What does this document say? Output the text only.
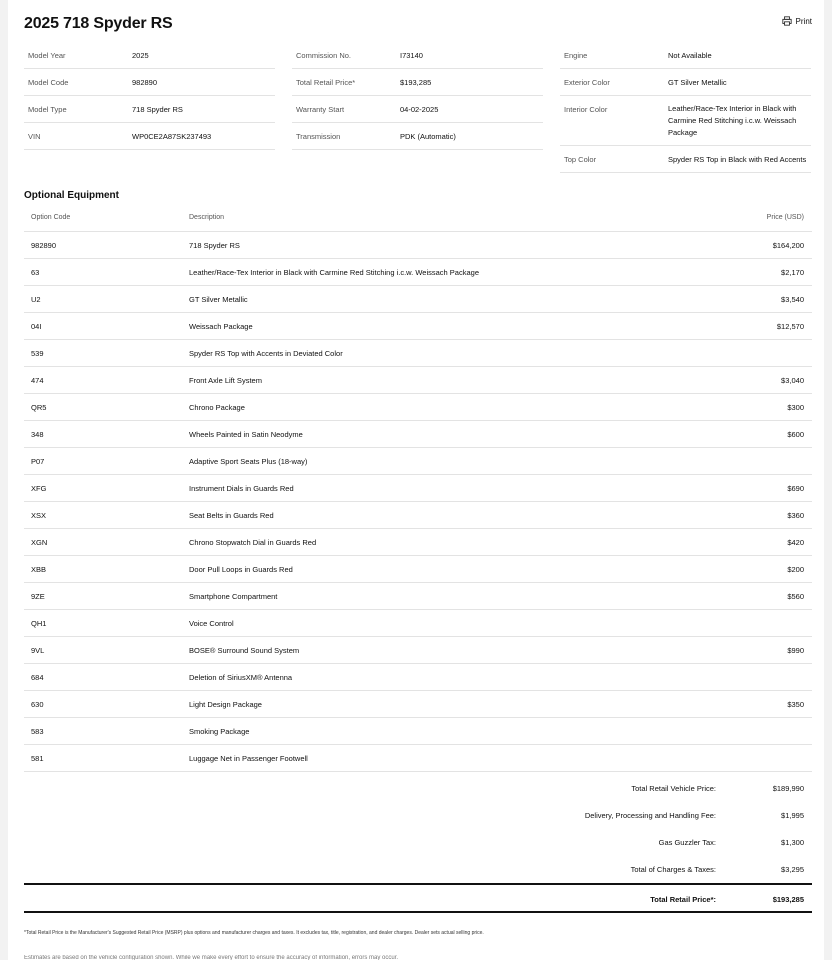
2025 718 Spyder RS	Print
Model Year	2025
Model Code	982890
Model Type	718 Spyder RS
VIN	WP0CE2A87SK237493
Commission No.	I73140
Total Retail Price*	$193,285
Warranty Start	04-02-2025
Transmission	PDK (Automatic)
Engine	Not Available
Exterior Color	GT Silver Metallic
Interior Color	Leather/Race-Tex Interior in Black with Carmine Red Stitching i.c.w. Weissach Package
Top Color	Spyder RS Top in Black with Red Accents
Optional Equipment
Option Code	Description	Price (USD)
982890	718 Spyder RS	$164,200
63	Leather/Race-Tex Interior in Black with Carmine Red Stitching i.c.w. Weissach Package	$2,170
U2	GT Silver Metallic	$3,540
04I	Weissach Package	$12,570
539	Spyder RS Top with Accents in Deviated Color
474	Front Axle Lift System	$3,040
QR5	Chrono Package	$300
348	Wheels Painted in Satin Neodyme	$600
P07	Adaptive Sport Seats Plus (18-way)
XFG	Instrument Dials in Guards Red	$690
XSX	Seat Belts in Guards Red	$360
XGN	Chrono Stopwatch Dial in Guards Red	$420
XBB	Door Pull Loops in Guards Red	$200
9ZE	Smartphone Compartment	$560
QH1	Voice Control
9VL	BOSE® Surround Sound System	$990
684	Deletion of SiriusXM® Antenna
630	Light Design Package	$350
583	Smoking Package
581	Luggage Net in Passenger Footwell
Total Retail Vehicle Price:	$189,990
Delivery, Processing and Handling Fee:	$1,995
Gas Guzzler Tax:	$1,300
Total of Charges & Taxes:	$3,295
Total Retail Price*:	$193,285
*Total Retail Price is the Manufacturer's Suggested Retail Price (MSRP) plus options and manufacturer charges and taxes. It excludes tax, title, registration, and dealer charges. Dealer sets actual selling price.
Estimates are based on the vehicle configuration shown. While we make every effort to ensure the accuracy of information, errors may occur.
